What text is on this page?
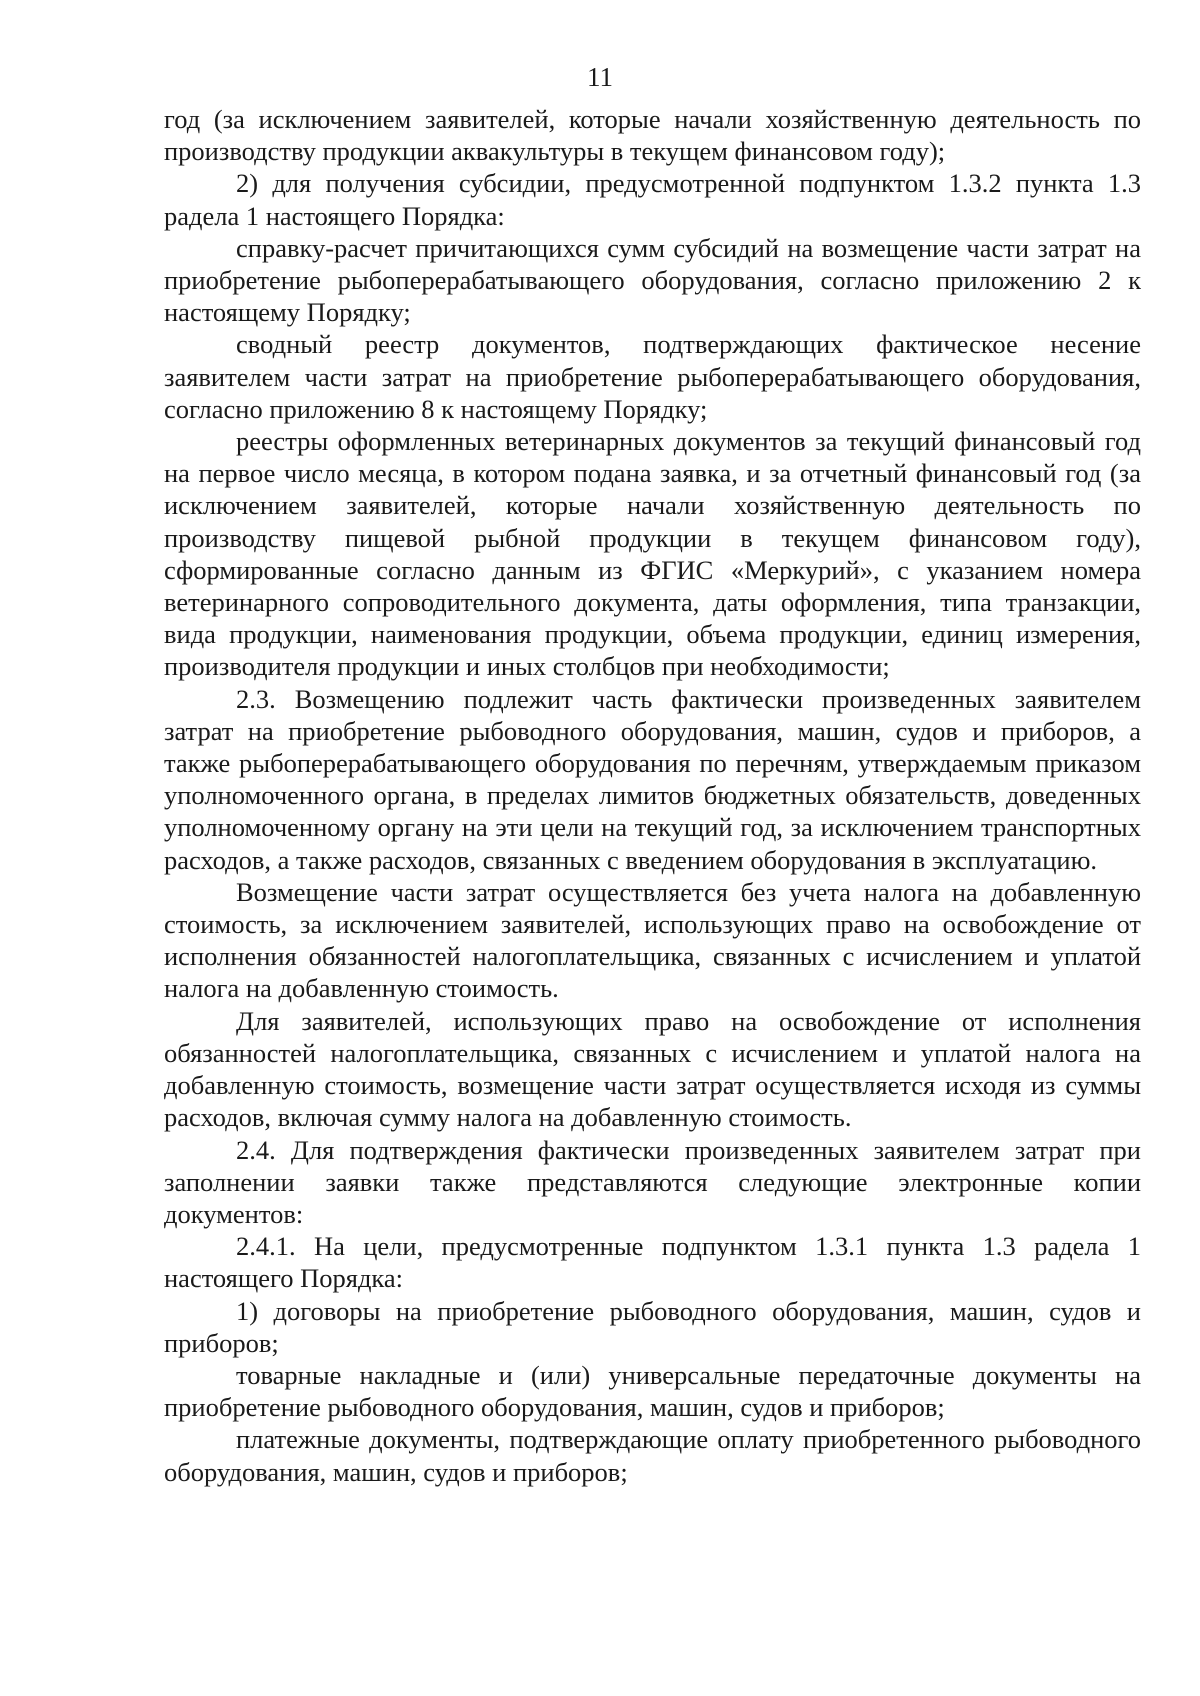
11

год (за исключением заявителей, которые начали хозяйственную деятельность по производству продукции аквакультуры в текущем финансовом году);

2) для получения субсидии, предусмотренной подпунктом 1.3.2 пункта 1.3 радела 1 настоящего Порядка:

справку-расчет причитающихся сумм субсидий на возмещение части затрат на приобретение рыбоперерабатывающего оборудования, согласно приложению 2 к настоящему Порядку;

сводный реестр документов, подтверждающих фактическое несение заявителем части затрат на приобретение рыбоперерабатывающего оборудования, согласно приложению 8 к настоящему Порядку;

реестры оформленных ветеринарных документов за текущий финансовый год на первое число месяца, в котором подана заявка, и за отчетный финансовый год (за исключением заявителей, которые начали хозяйственную деятельность по производству пищевой рыбной продукции в текущем финансовом году), сформированные согласно данным из ФГИС «Меркурий», с указанием номера ветеринарного сопроводительного документа, даты оформления, типа транзакции, вида продукции, наименования продукции, объема продукции, единиц измерения, производителя продукции и иных столбцов при необходимости;

2.3. Возмещению подлежит часть фактически произведенных заявителем затрат на приобретение рыбоводного оборудования, машин, судов и приборов, а также рыбоперерабатывающего оборудования по перечням, утверждаемым приказом уполномоченного органа, в пределах лимитов бюджетных обязательств, доведенных уполномоченному органу на эти цели на текущий год, за исключением транспортных расходов, а также расходов, связанных с введением оборудования в эксплуатацию.

Возмещение части затрат осуществляется без учета налога на добавленную стоимость, за исключением заявителей, использующих право на освобождение от исполнения обязанностей налогоплательщика, связанных с исчислением и уплатой налога на добавленную стоимость.

Для заявителей, использующих право на освобождение от исполнения обязанностей налогоплательщика, связанных с исчислением и уплатой налога на добавленную стоимость, возмещение части затрат осуществляется исходя из суммы расходов, включая сумму налога на добавленную стоимость.

2.4. Для подтверждения фактически произведенных заявителем затрат при заполнении заявки также представляются следующие электронные копии документов:

2.4.1. На цели, предусмотренные подпунктом 1.3.1 пункта 1.3 радела 1 настоящего Порядка:

1) договоры на приобретение рыбоводного оборудования, машин, судов и приборов;

товарные накладные и (или) универсальные передаточные документы на приобретение рыбоводного оборудования, машин, судов и приборов;

платежные документы, подтверждающие оплату приобретенного рыбоводного оборудования, машин, судов и приборов;
